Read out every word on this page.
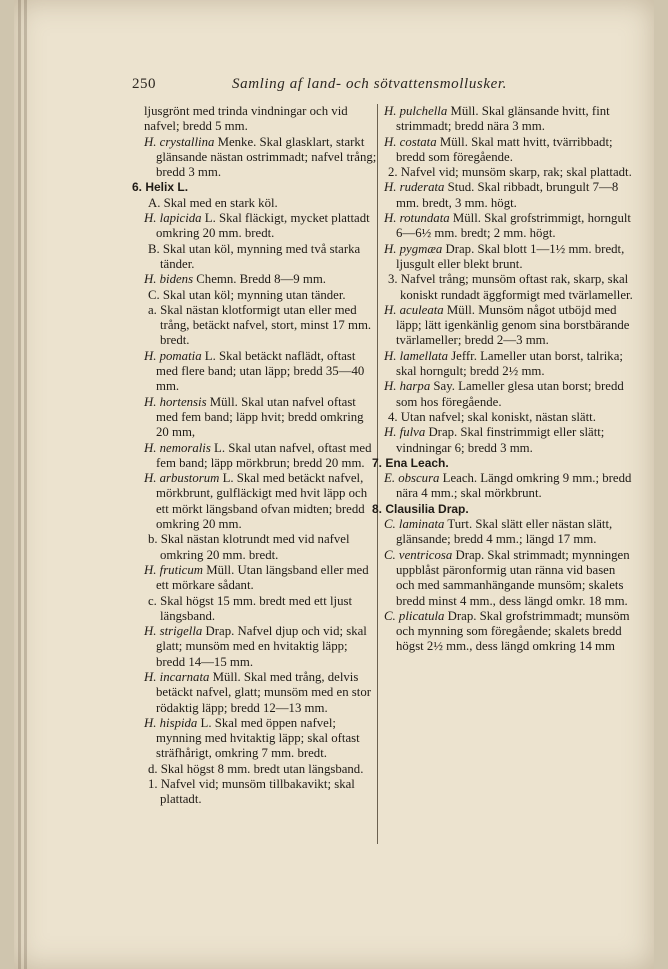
250	Samling af land- och sötvattensmollusker.
ljusgrönt med trinda vindningar och vid nafvel; bredd 5 mm.
H. crystallina Menke. Skal glasklart, starkt glänsande nästan ostrimmadt; nafvel trång; bredd 3 mm.
6. Helix L.
A. Skal med en stark köl.
H. lapicida L. Skal fläckigt, mycket plattadt omkring 20 mm. bredt.
B. Skal utan köl, mynning med två starka tänder.
H. bidens Chemn. Bredd 8—9 mm.
C. Skal utan köl; mynning utan tänder.
a. Skal nästan klotformigt utan eller med trång, betäckt nafvel, stort, minst 17 mm. bredt.
H. pomatia L. Skal betäckt naflädt, oftast med flere band; utan läpp; bredd 35—40 mm.
H. hortensis Müll. Skal utan nafvel oftast med fem band; läpp hvit; bredd omkring 20 mm,
H. nemoralis L. Skal utan nafvel, oftast med fem band; läpp mörkbrun; bredd 20 mm.
H. arbustorum L. Skal med betäckt nafvel, mörkbrunt, gulfläckigt med hvit läpp och ett mörkt längsband ofvan midten; bredd omkring 20 mm.
b. Skal nästan klotrundt med vid nafvel omkring 20 mm. bredt.
H. fruticum Müll. Utan längsband eller med ett mörkare sådant.
c. Skal högst 15 mm. bredt med ett ljust längsband.
H. strigella Drap. Nafvel djup och vid; skal glatt; munsöm med en hvitaktig läpp; bredd 14—15 mm.
H. incarnata Müll. Skal med trång, delvis betäckt nafvel, glatt; munsöm med en stor rödaktig läpp; bredd 12—13 mm.
H. hispida L. Skal med öppen nafvel; mynning med hvitaktig läpp; skal oftast sträfhårigt, omkring 7 mm. bredt.
d. Skal högst 8 mm. bredt utan längsband.
1. Nafvel vid; munsöm tillbakavikt; skal plattadt.
H. pulchella Müll. Skal glänsande hvitt, fint strimmadt; bredd nära 3 mm.
H. costata Müll. Skal matt hvitt, tvärribbadt; bredd som föregående.
2. Nafvel vid; munsöm skarp, rak; skal plattadt.
H. ruderata Stud. Skal ribbadt, brungult 7—8 mm. bredt, 3 mm. högt.
H. rotundata Müll. Skal grofstrimmigt, horngult 6—6½ mm. bredt; 2 mm. högt.
H. pygmæa Drap. Skal blott 1—1½ mm. bredt, ljusgult eller blekt brunt.
3. Nafvel trång; munsöm oftast rak, skarp, skal koniskt rundadt äggformigt med tvärlameller.
H. aculeata Müll. Munsöm något utböjd med läpp; lätt igenkänlig genom sina borstbärande tvärlameller; bredd 2—3 mm.
H. lamellata Jeffr. Lameller utan borst, talrika; skal horngult; bredd 2½ mm.
H. harpa Say. Lameller glesa utan borst; bredd som hos föregående.
4. Utan nafvel; skal koniskt, nästan slätt.
H. fulva Drap. Skal finstrimmigt eller slätt; vindningar 6; bredd 3 mm.
7. Ena Leach.
E. obscura Leach. Längd omkring 9 mm.; bredd nära 4 mm.; skal mörkbrunt.
8. Clausilia Drap.
C. laminata Turt. Skal slätt eller nästan slätt, glänsande; bredd 4 mm.; längd 17 mm.
C. ventricosa Drap. Skal strimmadt; mynningen uppblåst päronformig utan ränna vid basen och med sammanhängande munsöm; skalets bredd minst 4 mm., dess längd omkr. 18 mm.
C. plicatula Drap. Skal grofstrimmadt; munsöm och mynning som föregående; skalets bredd högst 2½ mm., dess längd omkring 14 mm
